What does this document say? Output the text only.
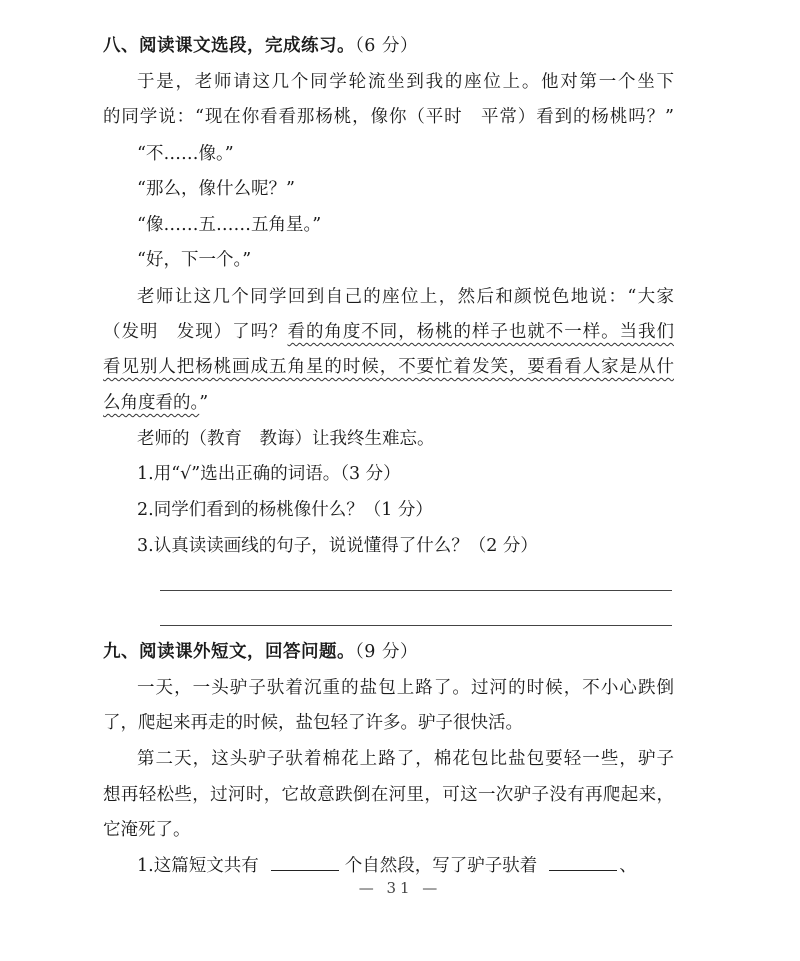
八、阅读课文选段，完成练习。（6 分）
于是，老师请这几个同学轮流坐到我的座位上。他对第一个坐下
的同学说：“现在你看看那杨桃，像你（平时　平常）看到的杨桃吗？”
“不……像。”
“那么，像什么呢？”
“像……五……五角星。”
“好，下一个。”
老师让这几个同学回到自己的座位上，然后和颜悦色地说：“大家
（发明　发现）了吗？看的角度不同，杨桃的样子也就不一样。当我们
看见别人把杨桃画成五角星的时候，不要忙着发笑，要看看人家是从什
么角度看的。”
老师的（教育　教诲）让我终生难忘。
1.用“√”选出正确的词语。（3 分）
2.同学们看到的杨桃像什么？（1 分）
3.认真读读画线的句子，说说懂得了什么？（2 分）
九、阅读课外短文，回答问题。（9 分）
一天，一头驴子驮着沉重的盐包上路了。过河的时候，不小心跌倒
了，爬起来再走的时候，盐包轻了许多。驴子很快活。
第二天，这头驴子驮着棉花上路了，棉花包比盐包要轻一些，驴子
想再轻松些，过河时，它故意跌倒在河里，可这一次驴子没有再爬起来，
它淹死了。
1.这篇短文共有	个自然段，写了驴子驮着	、
— 31 —
